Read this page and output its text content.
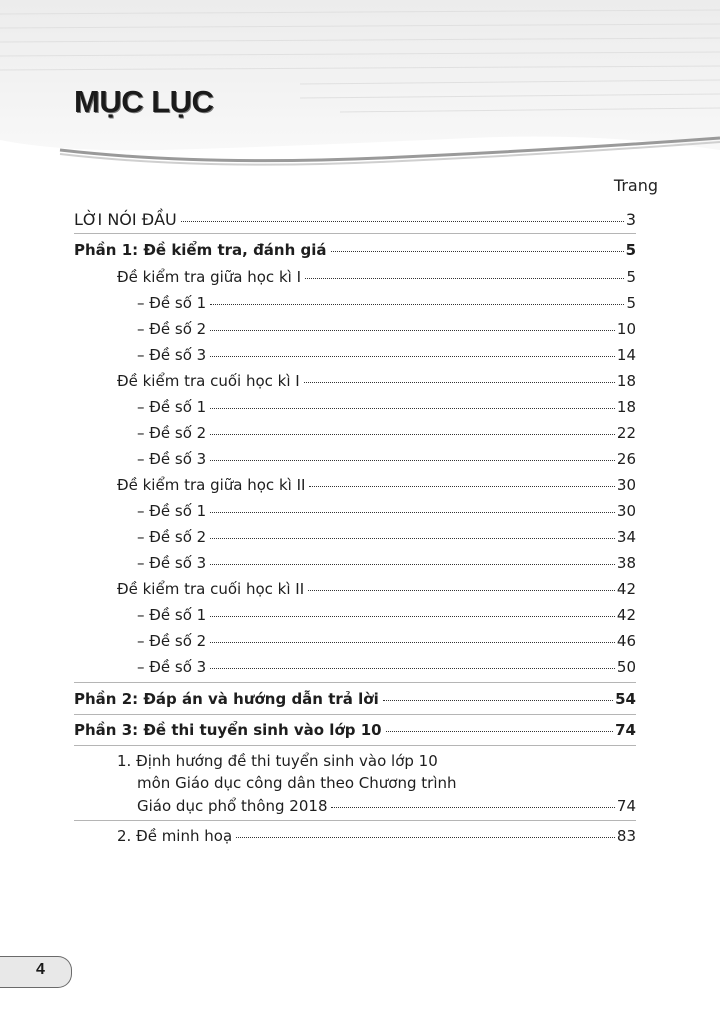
MỤC LỤC
Trang
LỜI NÓI ĐẦU	3
Phần 1: Đề kiểm tra, đánh giá	5
Đề kiểm tra giữa học kì I	5
– Đề số 1	5
– Đề số 2	10
– Đề số 3	14
Đề kiểm tra cuối học kì I	18
– Đề số 1	18
– Đề số 2	22
– Đề số 3	26
Đề kiểm tra giữa học kì II	30
– Đề số 1	30
– Đề số 2	34
– Đề số 3	38
Đề kiểm tra cuối học kì II	42
– Đề số 1	42
– Đề số 2	46
– Đề số 3	50
Phần 2: Đáp án và hướng dẫn trả lời	54
Phần 3: Đề thi tuyển sinh vào lớp 10	74
1. Định hướng đề thi tuyển sinh vào lớp 10
môn Giáo dục công dân theo Chương trình
Giáo dục phổ thông 2018	74
2. Đề minh hoạ	83
4
